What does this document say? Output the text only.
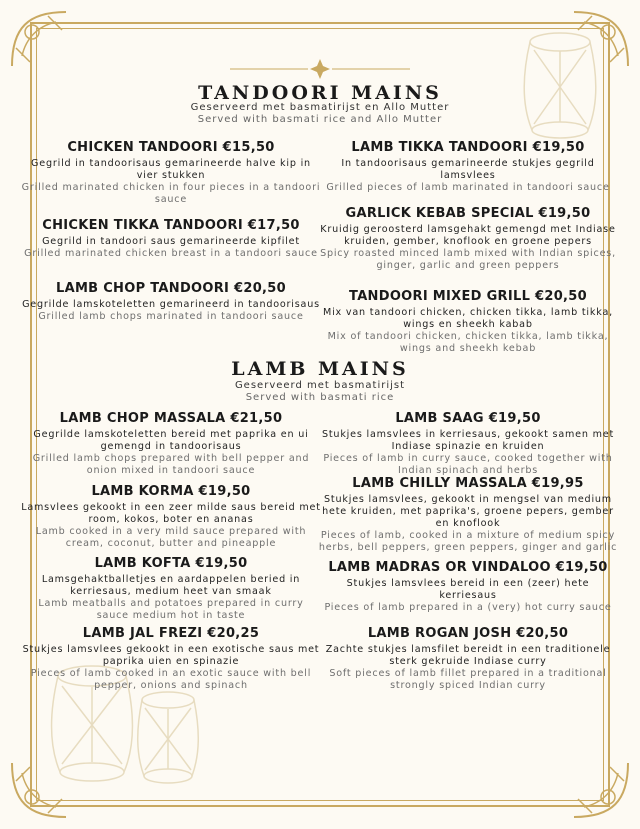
TANDOORI MAINS
Geserveerd met basmatirijst en Allo Mutter
Served with basmati rice and Allo Mutter
CHICKEN TANDOORI €15,50
Gegrild in tandoorisaus gemarineerde halve kip in vier stukken
Grilled marinated chicken in four pieces in a tandoori sauce
LAMB TIKKA TANDOORI €19,50
In tandoorisaus gemarineerde stukjes gegrild lamsvlees
Grilled pieces of lamb marinated in tandoori sauce
CHICKEN TIKKA TANDOORI €17,50
Gegrild in tandoori saus gemarineerde kipfilet
Grilled marinated chicken breast in a tandoori sauce
GARLICK KEBAB SPECIAL €19,50
Kruidig geroosterd lamsgehakt gemengd met Indiase kruiden, gember, knoflook en groene pepers
Spicy roasted minced lamb mixed with Indian spices, ginger, garlic and green peppers
LAMB CHOP TANDOORI €20,50
Gegrilde lamskoteletten gemarineerd in tandoorisaus
Grilled lamb chops marinated in tandoori sauce
TANDOORI MIXED GRILL €20,50
Mix van tandoori chicken, chicken tikka, lamb tikka, wings en sheekh kabab
Mix of tandoori chicken, chicken tikka, lamb tikka, wings and sheekh kebab
LAMB MAINS
Geserveerd met basmatirijst
Served with basmati rice
LAMB CHOP MASSALA €21,50
Gegrilde lamskoteletten bereid met paprika en ui gemengd in tandoorisaus
Grilled lamb chops prepared with bell pepper and onion mixed in tandoori sauce
LAMB SAAG €19,50
Stukjes lamsvlees in kerriesaus, gekookt samen met Indiase spinazie en kruiden
Pieces of lamb in curry sauce, cooked together with Indian spinach and herbs
LAMB KORMA €19,50
Lamsvlees gekookt in een zeer milde saus bereid met room, kokos, boter en ananas
Lamb cooked in a very mild sauce prepared with cream, coconut, butter and pineapple
LAMB CHILLY MASSALA €19,95
Stukjes lamsvlees, gekookt in mengsel van medium hete kruiden, met paprika's, groene pepers, gember en knoflook
Pieces of lamb, cooked in a mixture of medium spicy herbs, bell peppers, green peppers, ginger and garlic
LAMB KOFTA €19,50
Lamsgehaktballetjes en aardappelen beried in kerriesaus, medium heet van smaak
Lamb meatballs and potatoes prepared in curry sauce medium hot in taste
LAMB MADRAS OR VINDALOO €19,50
Stukjes lamsvlees bereid in een (zeer) hete kerriesaus
Pieces of lamb prepared in a (very) hot curry sauce
LAMB JAL FREZI €20,25
Stukjes lamsvlees gekookt in een exotische saus met paprika uien en spinazie
Pieces of lamb cooked in an exotic sauce with bell pepper, onions and spinach
LAMB ROGAN JOSH €20,50
Zachte stukjes lamsfilet bereidt in een traditionele sterk gekruide Indiase curry
Soft pieces of lamb fillet prepared in a traditional strongly spiced Indian curry
